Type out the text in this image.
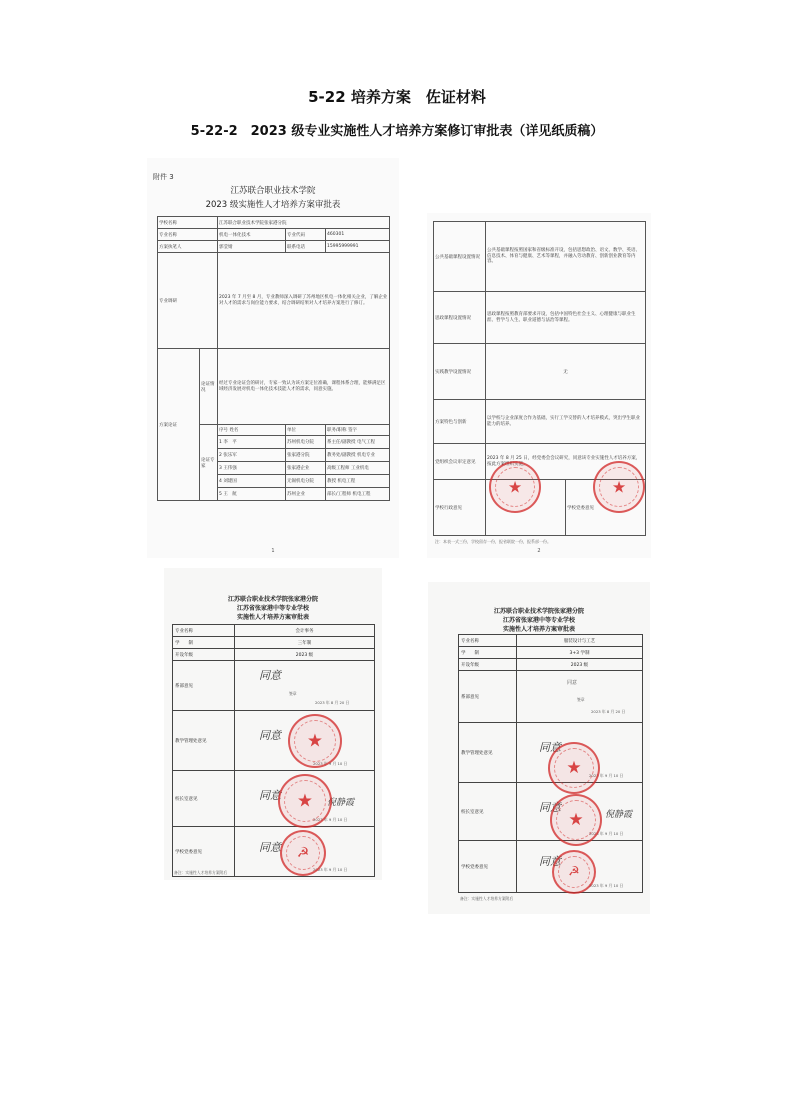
5-22 培养方案　佐证材料
5-22-2　2023 级专业实施性人才培养方案修订审批表（详见纸质稿）
附件 3
江苏联合职业技术学院
2023 级实施性人才培养方案审批表
学校名称		江苏联合职业技术学院张家港分院		
专业名称		机电一体化技术	专业代码	460301
方案执笔人		郭莹婧	联系电话	15995999991
专业调研		2023 年 7 月至 8 月，专业教师深入调研了苏州地区机电一体化相关企业，了解企业对人才的需求与岗位能力要求，结合调研结果对人才培养方案进行了修订。		
方案论证	论证情况	经过专业论证会的研讨，专家一致认为该方案定位准确，课程体系合理，能够满足区域经济发展对机电一体化技术技能人才的需求，同意实施。		
	论证专家	序号 姓名	单位	职务/职称 签字
		1 李　平	苏州机电分院	系主任/副教授 电气工程
		2 张乐军	张家港分院	教务处/副教授 机电专业
		3 王伟强	张家港企业	高级工程师 工业机电
		4 刘建国	无锡机电分院	教授 机电工程
		5 王　航	苏州企业	部长/工程师 机电工程
1
公共基础课程设置情况	公共基础课程按照国家和省级标准开设，包括思想政治、语文、数学、英语、信息技术、体育与健康、艺术等课程，并融入劳动教育、创新创业教育等内容。	
思政课程设置情况	思政课程按照教育部要求开设，包括中国特色社会主义、心理健康与职业生涯、哲学与人生、职业道德与法治等课程。	
实践教学设置情况	无	
方案特色与创新	以学校与企业深度合作为基础，实行工学交替的人才培养模式，突出学生职业能力的培养。	
党组织会议审定意见	2023 年 8 月 25 日，经党委会会议研究，同意该专业实施性人才培养方案，按此方案组织实施。	
学校行政意见		学校党委意见
★	★
注：本表一式三份，学校留存一份，报省联院一份，报系部一份。
2
江苏联合职业技术学院张家港分院
江苏省张家港中等专业学校
实施性人才培养方案审批表
专业名称	会计事务
学　　制	三年制
开设年级	2023 级
系部意见	同意
签章
2023 年 8 月 20 日

教学管理处意见	同意
2023 年 9 月 10 日

校长室意见	同意
倪静霞
2023 年 9 月 10 日

学校党委意见	同意
2023 年 9 月 10 日
★
★
☭
备注：实施性人才培养方案附后
江苏联合职业技术学院张家港分院
江苏省张家港中等专业学校
实施性人才培养方案审批表
专业名称	服装设计与工艺
学　　制	3+3 学制
开设年级	2023 级
系部意见	同意
签章
2023 年 8 月 20 日

教学管理处意见	同意
2023 年 9 月 10 日

校长室意见	同意
倪静霞
2023 年 9 月 10 日

学校党委意见	同意
2023 年 9 月 10 日
★
★
☭
备注：实施性人才培养方案附后
